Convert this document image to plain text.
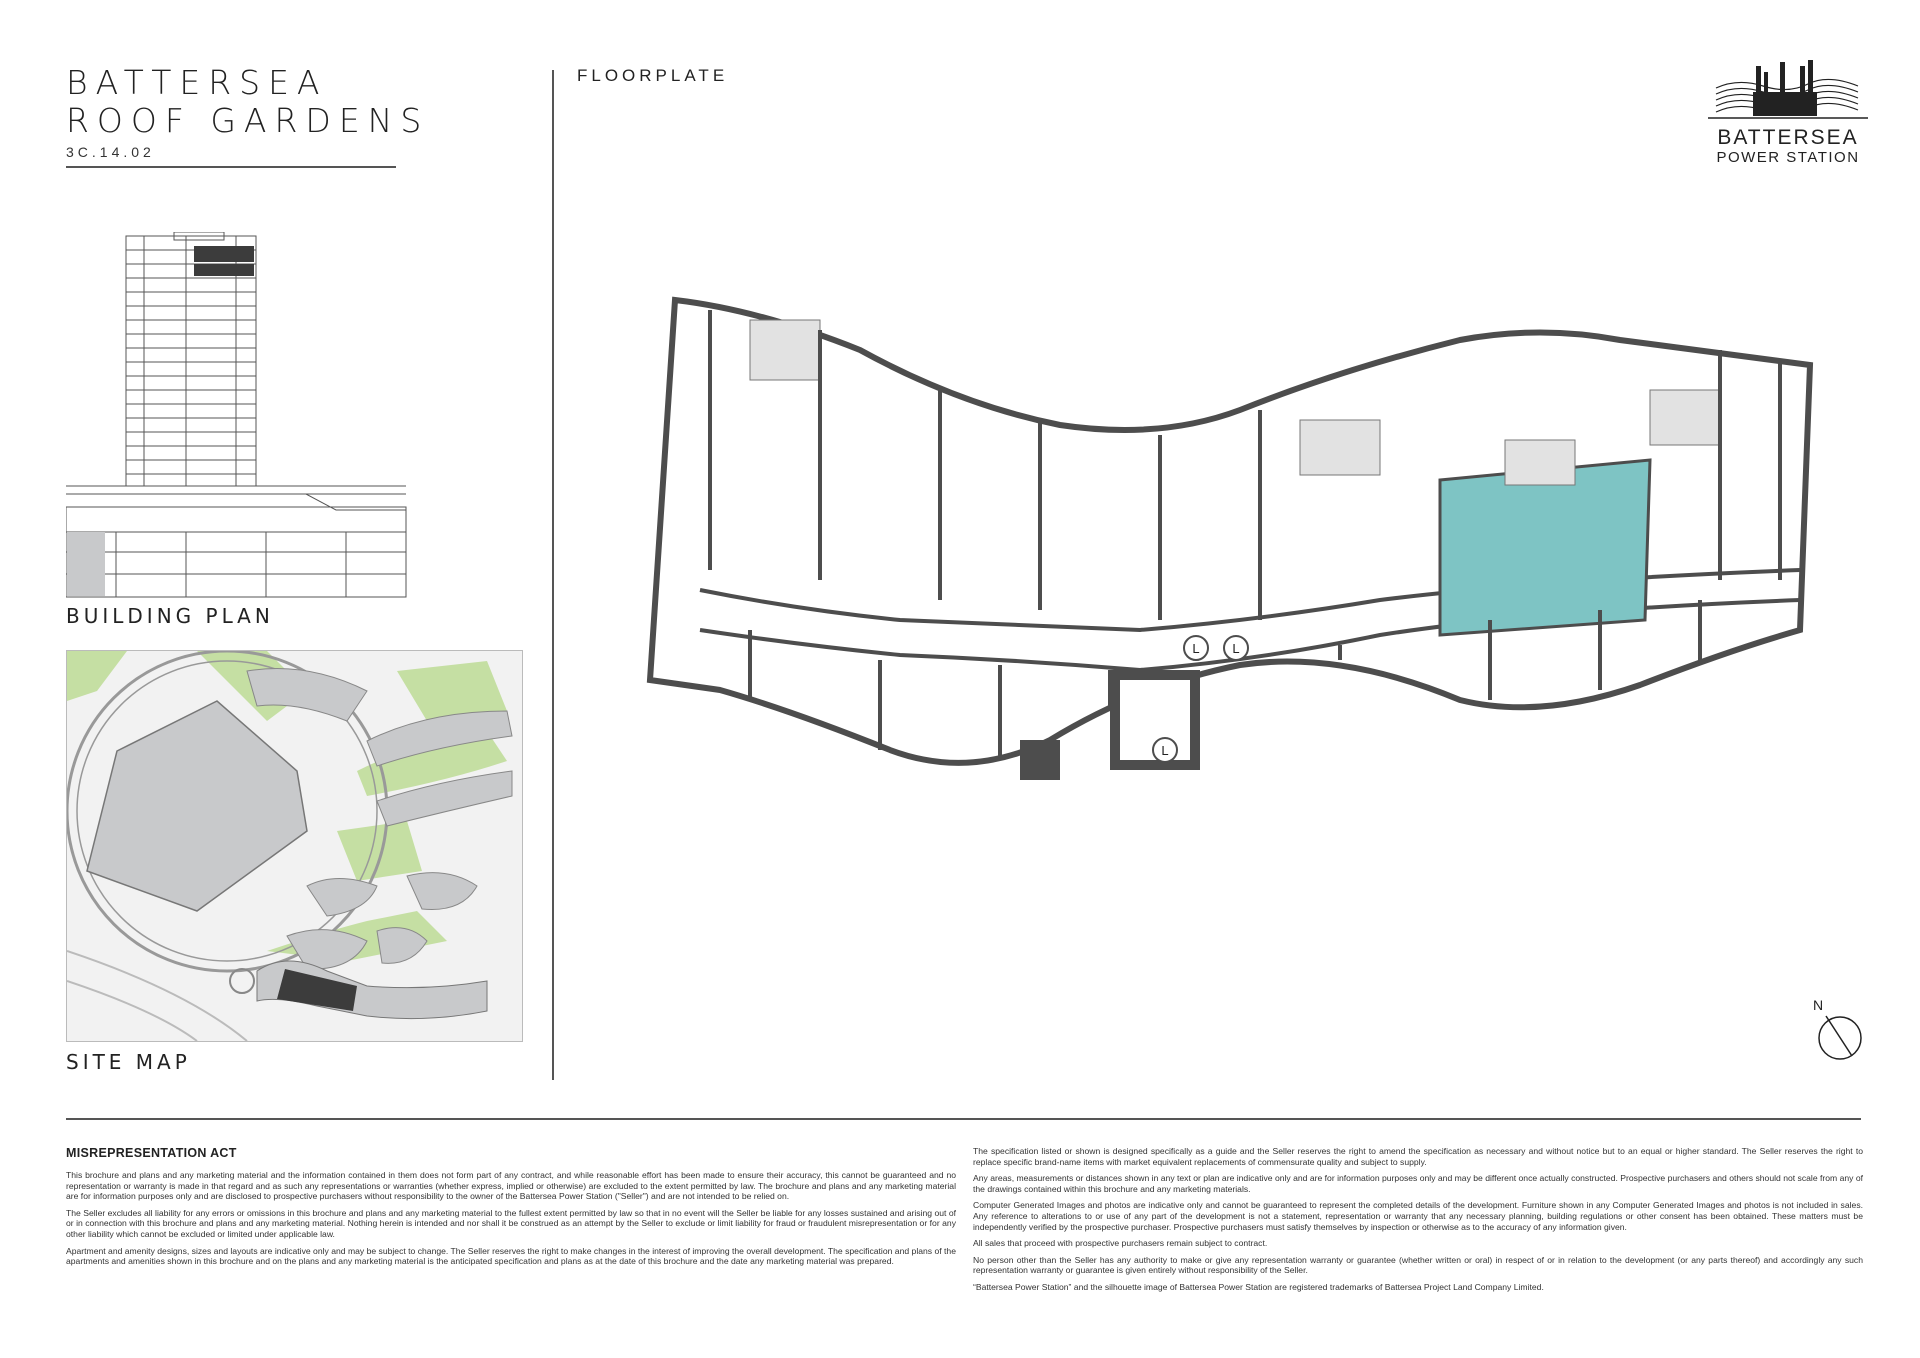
BATTERSEA
ROOF GARDENS
3C.14.02
FLOORPLATE
BATTERSEA
POWER STATION
BUILDING PLAN
SITE MAP
L	L
L
N
MISREPRESENTATION ACT

This brochure and plans and any marketing material and the information contained in them does not form part of any contract, and while reasonable effort has been made to ensure their accuracy, this cannot be guaranteed and no representation or warranty is made in that regard and as such any representations or warranties (whether express, implied or otherwise) are excluded to the extent permitted by law. The brochure and plans and any marketing material are for information purposes only and are disclosed to prospective purchasers without responsibility to the owner of the Battersea Power Station ("Seller") and are not intended to be relied on.

The Seller excludes all liability for any errors or omissions in this brochure and plans and any marketing material to the fullest extent permitted by law so that in no event will the Seller be liable for any losses sustained and arising out of or in connection with this brochure and plans and any marketing material. Nothing herein is intended and nor shall it be construed as an attempt by the Seller to exclude or limit liability for fraud or fraudulent misrepresentation or for any other liability which cannot be excluded or limited under applicable law.

Apartment and amenity designs, sizes and layouts are indicative only and may be subject to change. The Seller reserves the right to make changes in the interest of improving the overall development. The specification and plans of the apartments and amenities shown in this brochure and on the plans and any marketing material is the anticipated specification and plans as at the date of this brochure and the date any marketing material was prepared.

The specification listed or shown is designed specifically as a guide and the Seller reserves the right to amend the specification as necessary and without notice but to an equal or higher standard. The Seller reserves the right to replace specific brand-name items with market equivalent replacements of commensurate quality and subject to supply.

Any areas, measurements or distances shown in any text or plan are indicative only and are for information purposes only and may be different once actually constructed. Prospective purchasers and others should not scale from any of the drawings contained within this brochure and any marketing materials.

Computer Generated Images and photos are indicative only and cannot be guaranteed to represent the completed details of the development. Furniture shown in any Computer Generated Images and photos is not included in sales. Any reference to alterations to or use of any part of the development is not a statement, representation or warranty that any necessary planning, building regulations or other consent has been obtained. These matters must be independently verified by the prospective purchaser. Prospective purchasers must satisfy themselves by inspection or otherwise as to the accuracy of any information given.

All sales that proceed with prospective purchasers remain subject to contract.

No person other than the Seller has any authority to make or give any representation warranty or guarantee (whether written or oral) in respect of or in relation to the development (or any parts thereof) and accordingly any such representation warranty or guarantee is given entirely without responsibility of the Seller.

“Battersea Power Station” and the silhouette image of Battersea Power Station are registered trademarks of Battersea Project Land Company Limited.
